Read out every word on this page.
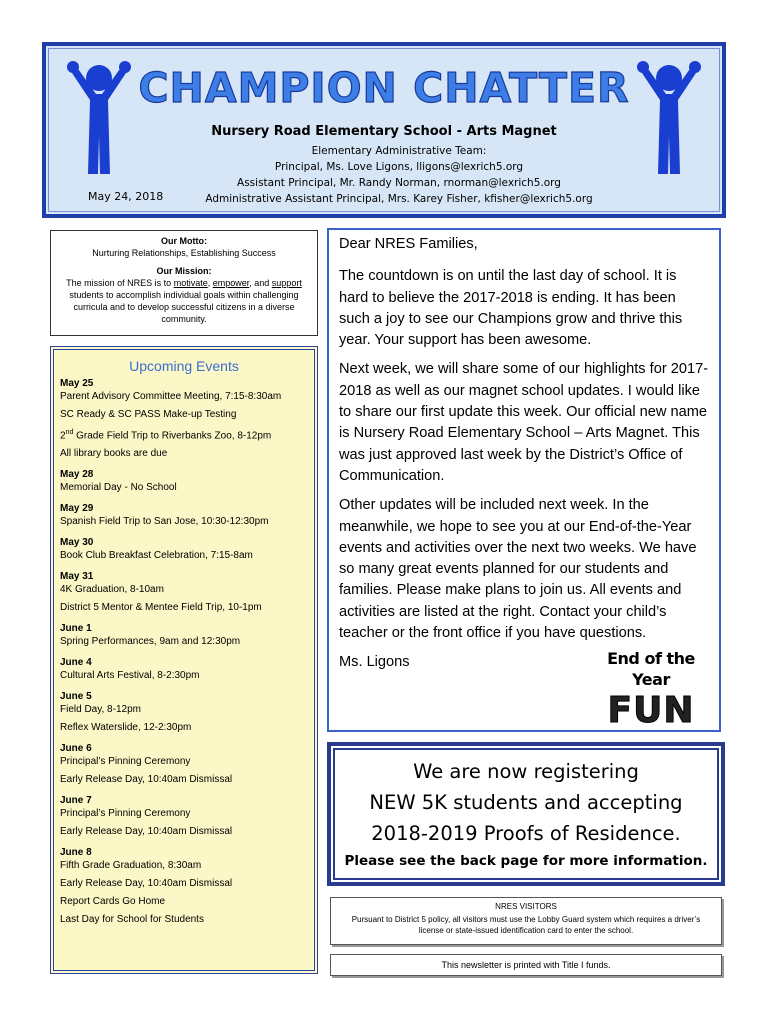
CHAMPION CHATTER
Nursery Road Elementary School - Arts Magnet
Elementary Administrative Team:
Principal, Ms. Love Ligons, lligons@lexrich5.org
Assistant Principal, Mr. Randy Norman, rnorman@lexrich5.org
Administrative Assistant Principal, Mrs. Karey Fisher, kfisher@lexrich5.org
May 24, 2018
Our Motto:
Nurturing Relationships, Establishing Success
Our Mission:
The mission of NRES is to motivate, empower, and support students to accomplish individual goals within challenging curricula and to develop successful citizens in a diverse community.
Upcoming Events
May 25
Parent Advisory Committee Meeting, 7:15-8:30am
SC Ready & SC PASS Make-up Testing
2nd Grade Field Trip to Riverbanks Zoo, 8-12pm
All library books are due
May 28
Memorial Day - No School
May 29
Spanish Field Trip to San Jose, 10:30-12:30pm
May 30
Book Club Breakfast Celebration, 7:15-8am
May 31
4K Graduation, 8-10am
District 5 Mentor & Mentee Field Trip, 10-1pm
June 1
Spring Performances, 9am and 12:30pm
June 4
Cultural Arts Festival, 8-2:30pm
June 5
Field Day, 8-12pm
Reflex Waterslide, 12-2:30pm
June 6
Principal’s Pinning Ceremony
Early Release Day, 10:40am Dismissal
June 7
Principal’s Pinning Ceremony
Early Release Day, 10:40am Dismissal
June 8
Fifth Grade Graduation, 8:30am
Early Release Day, 10:40am Dismissal
Report Cards Go Home
Last Day for School for Students

Dear NRES Families,

The countdown is on until the last day of school. It is hard to believe the 2017-2018 is ending. It has been such a joy to see our Champions grow and thrive this year. Your support has been awesome.

Next week, we will share some of our highlights for 2017-2018 as well as our magnet school updates. I would like to share our first update this week. Our official new name is Nursery Road Elementary School – Arts Magnet. This was just approved last week by the District’s Office of Communication.

Other updates will be included next week. In the meanwhile, we hope to see you at our End-of-the-Year events and activities over the next two weeks. We have so many great events planned for our students and families. Please make plans to join us. All events and activities are listed at the right. Contact your child’s teacher or the front office if you have questions.

Ms. Ligons	End of the Year
FUN
We are now registering
NEW 5K students and accepting
2018-2019 Proofs of Residence.
Please see the back page for more information.
NRES VISITORS
Pursuant to District 5 policy, all visitors must use the Lobby Guard system which requires a driver’s license or state-issued identification card to enter the school.
This newsletter is printed with Title I funds.
